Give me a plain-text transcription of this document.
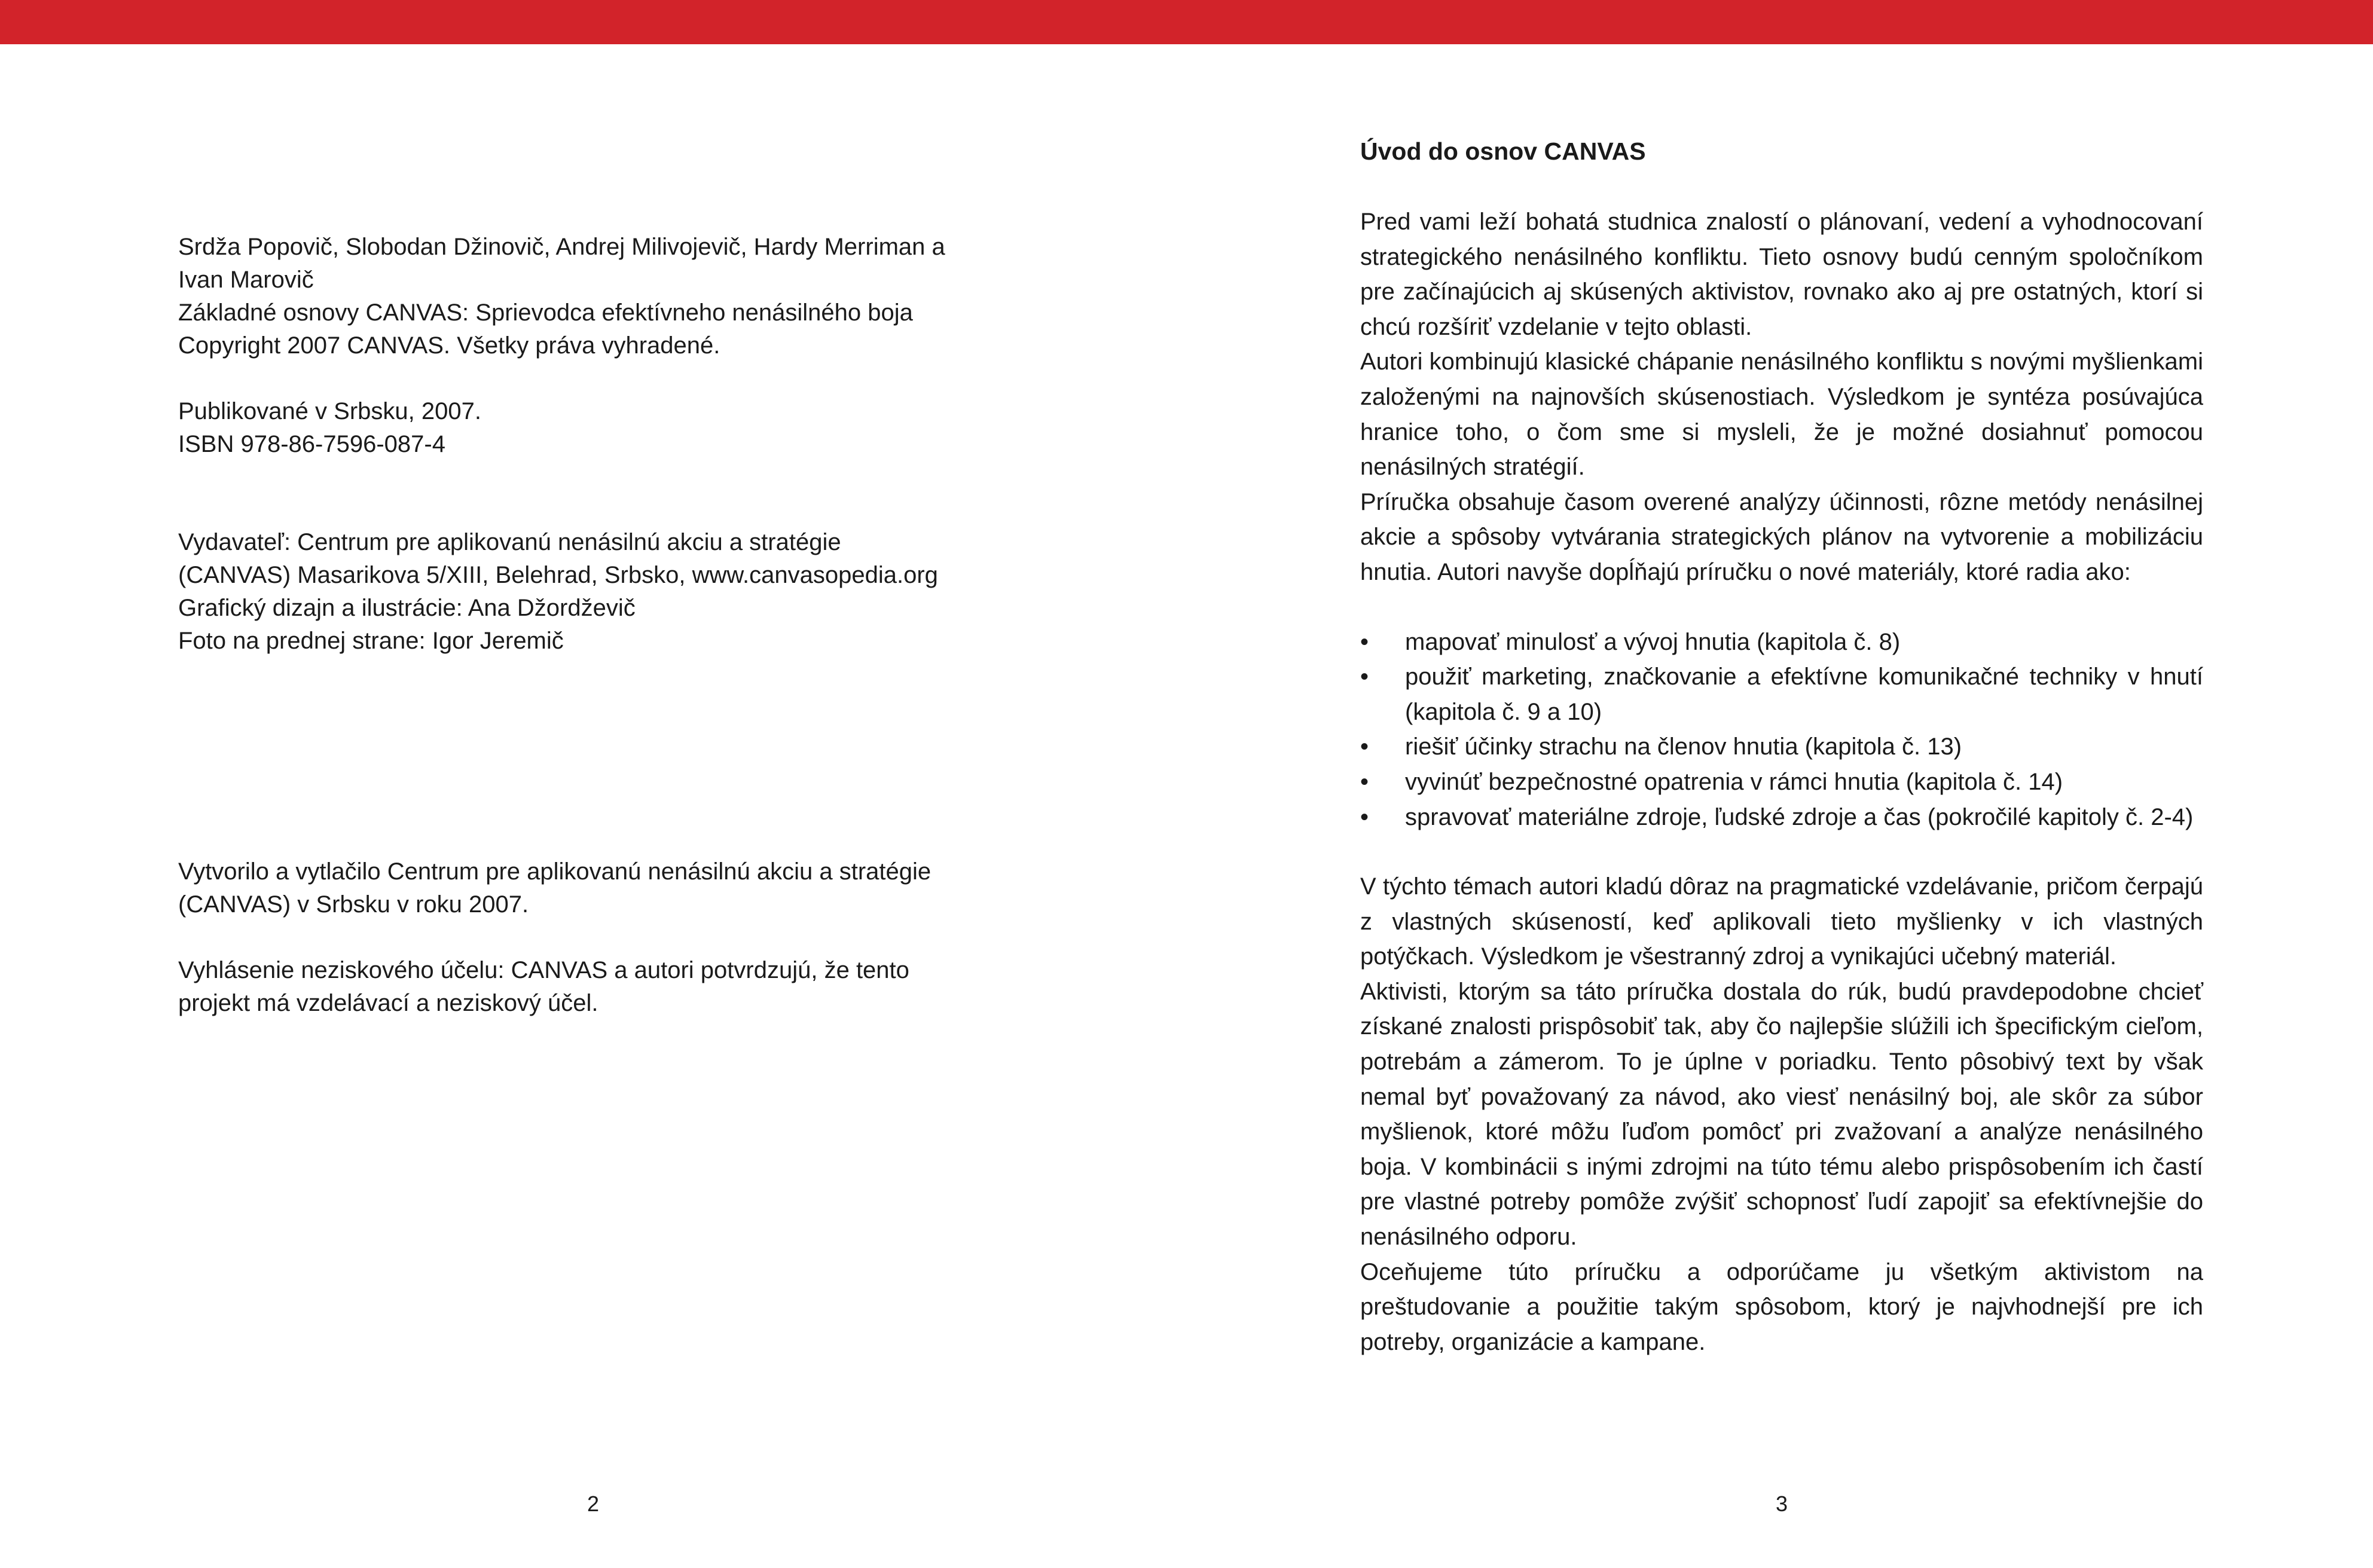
Srdža Popovič, Slobodan Džinovič, Andrej Milivojevič, Hardy Merriman a

Ivan Marovič

Základné osnovy CANVAS: Sprievodca efektívneho nenásilného boja

Copyright 2007 CANVAS. Všetky práva vyhradené.

Publikované v Srbsku, 2007.

ISBN 978-86-7596-087-4

Vydavateľ: Centrum pre aplikovanú nenásilnú akciu a stratégie

(CANVAS) Masarikova 5/XIII, Belehrad, Srbsko, www.canvasopedia.org

Grafický dizajn a ilustrácie: Ana Džordževič

Foto na prednej strane: Igor Jeremič

Vytvorilo a vytlačilo Centrum pre aplikovanú nenásilnú akciu a stratégie

(CANVAS) v Srbsku v roku 2007.

Vyhlásenie neziskového účelu: CANVAS a autori potvrdzujú, že tento

projekt má vzdelávací a neziskový účel.

2
Úvod do osnov CANVAS

Pred vami leží bohatá studnica znalostí o plánovaní, vedení a vyhodnocovaní strategického nenásilného konfliktu. Tieto osnovy budú cenným spoločníkom pre začínajúcich aj skúsených aktivistov, rovnako ako aj pre ostatných, ktorí si chcú rozšíriť vzdelanie v tejto oblasti.

Autori kombinujú klasické chápanie nenásilného konfliktu s novými myšlienkami založenými na najnovších skúsenostiach. Výsledkom je syntéza posúvajúca hranice toho, o čom sme si mysleli, že je možné dosiahnuť pomocou nenásilných stratégií.

Príručka obsahuje časom overené analýzy účinnosti, rôzne metódy nenásilnej akcie a spôsoby vytvárania strategických plánov na vytvorenie a mobilizáciu hnutia. Autori navyše dopĺňajú príručku o nové materiály, ktoré radia ako:

• mapovať minulosť a vývoj hnutia (kapitola č. 8)
• použiť marketing, značkovanie a efektívne komunikačné techniky v hnutí (kapitola č. 9 a 10)
• riešiť účinky strachu na členov hnutia (kapitola č. 13)
• vyvinúť bezpečnostné opatrenia v rámci hnutia (kapitola č. 14)
• spravovať materiálne zdroje, ľudské zdroje a čas (pokročilé kapitoly č. 2-4)

V týchto témach autori kladú dôraz na pragmatické vzdelávanie, pričom čerpajú z vlastných skúseností, keď aplikovali tieto myšlienky v ich vlastných potýčkach. Výsledkom je všestranný zdroj a vynikajúci učebný materiál.

Aktivisti, ktorým sa táto príručka dostala do rúk, budú pravdepodobne chcieť získané znalosti prispôsobiť tak, aby čo najlepšie slúžili ich špecifickým cieľom, potrebám a zámerom. To je úplne v poriadku. Tento pôsobivý text by však nemal byť považovaný za návod, ako viesť nenásilný boj, ale skôr za súbor myšlienok, ktoré môžu ľuďom pomôcť pri zvažovaní a analýze nenásilného boja. V kombinácii s inými zdrojmi na túto tému alebo prispôsobením ich častí pre vlastné potreby pomôže zvýšiť schopnosť ľudí zapojiť sa efektívnejšie do nenásilného odporu.

Oceňujeme túto príručku a odporúčame ju všetkým aktivistom na preštudovanie a použitie takým spôsobom, ktorý je najvhodnejší pre ich potreby, organizácie a kampane.

3
